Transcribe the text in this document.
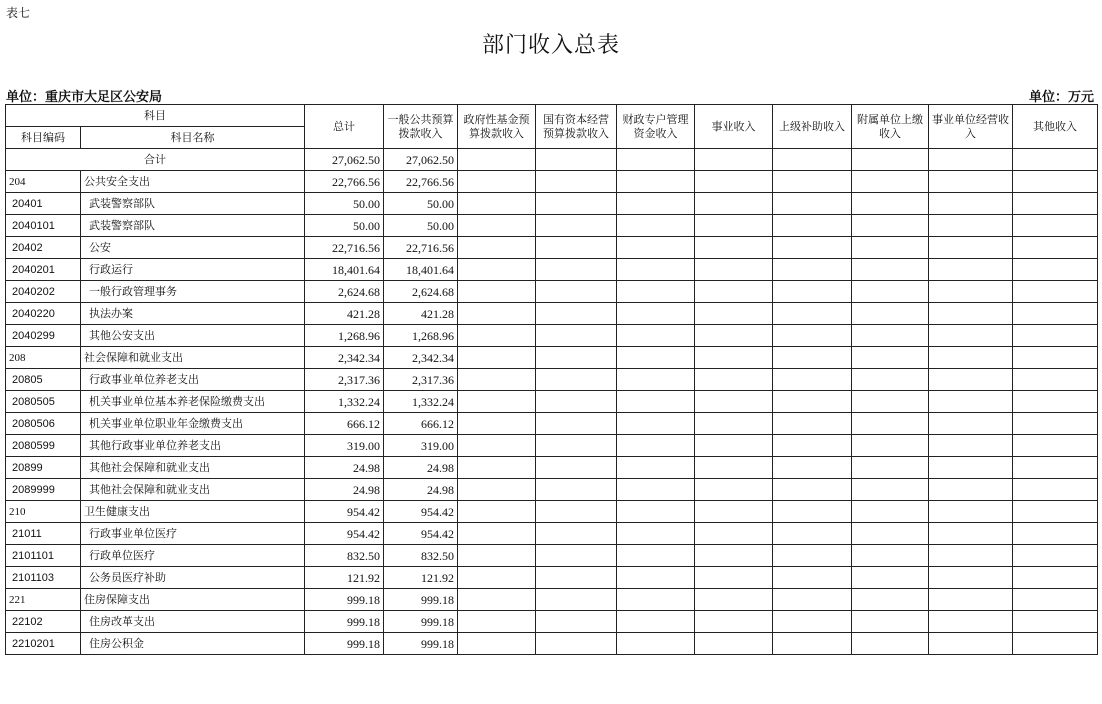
表七
部门收入总表
单位：重庆市大足区公安局	单位：万元
科目		总计	一般公共预算拨款收入	政府性基金预算拨款收入	国有资本经营预算拨款收入	财政专户管理资金收入	事业收入	上级补助收入	附属单位上缴收入	事业单位经营收入	其他收入
科目编码	科目名称										
合计		27,062.50	27,062.50								
204	公共安全支出	22,766.56	22,766.56								
20401	武装警察部队	50.00	50.00								
2040101	武装警察部队	50.00	50.00								
20402	公安	22,716.56	22,716.56								
2040201	行政运行	18,401.64	18,401.64								
2040202	一般行政管理事务	2,624.68	2,624.68								
2040220	执法办案	421.28	421.28								
2040299	其他公安支出	1,268.96	1,268.96								
208	社会保障和就业支出	2,342.34	2,342.34								
20805	行政事业单位养老支出	2,317.36	2,317.36								
2080505	机关事业单位基本养老保险缴费支出	1,332.24	1,332.24								
2080506	机关事业单位职业年金缴费支出	666.12	666.12								
2080599	其他行政事业单位养老支出	319.00	319.00								
20899	其他社会保障和就业支出	24.98	24.98								
2089999	其他社会保障和就业支出	24.98	24.98								
210	卫生健康支出	954.42	954.42								
21011	行政事业单位医疗	954.42	954.42								
2101101	行政单位医疗	832.50	832.50								
2101103	公务员医疗补助	121.92	121.92								
221	住房保障支出	999.18	999.18								
22102	住房改革支出	999.18	999.18								
2210201	住房公积金	999.18	999.18								
